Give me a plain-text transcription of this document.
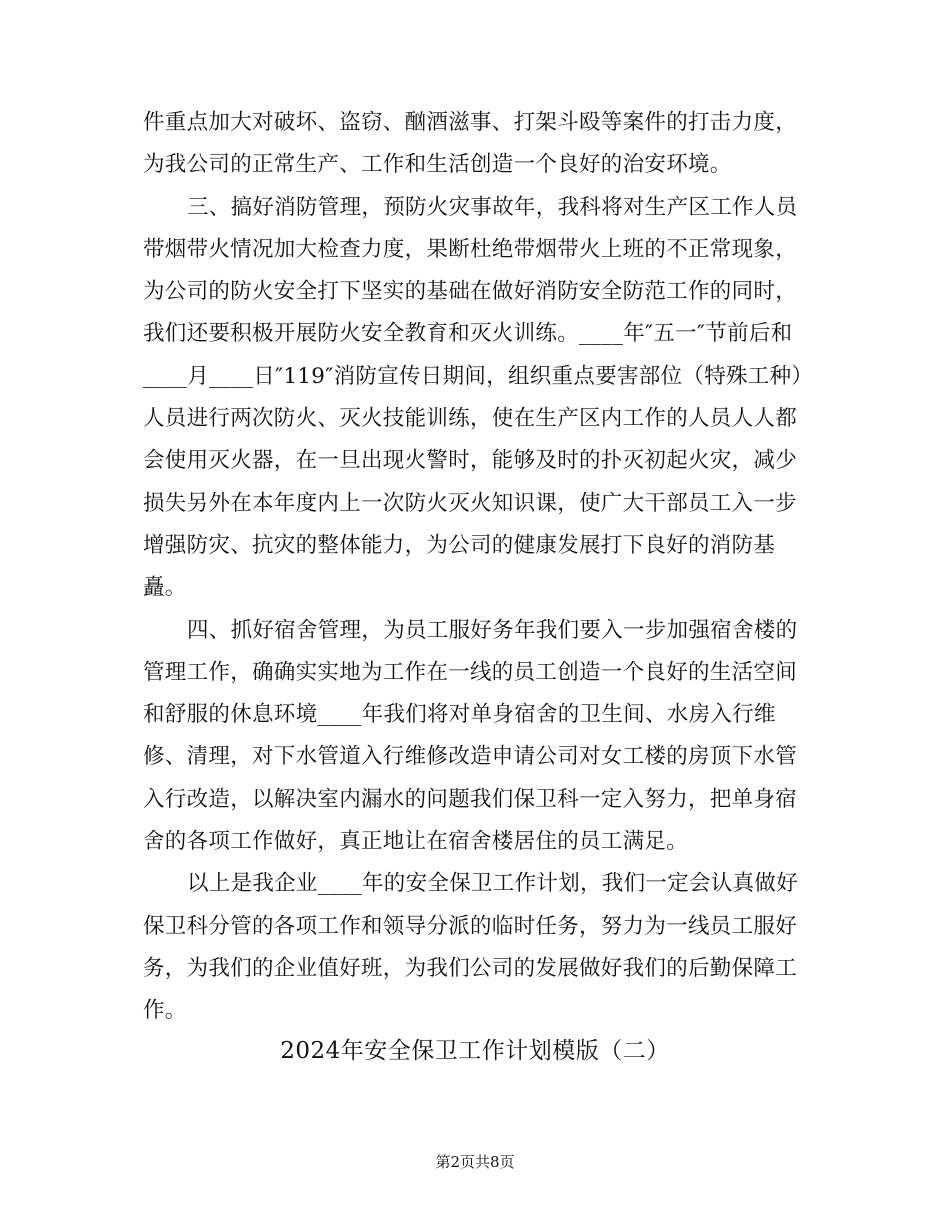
件重点加大对破坏、盗窃、酗酒滋事、打架斗殴等案件的打击力度，
为我公司的正常生产、工作和生活创造一个良好的治安环境。
三、搞好消防管理，预防火灾事故年，我科将对生产区工作人员
带烟带火情况加大检查力度，果断杜绝带烟带火上班的不正常现象，
为公司的防火安全打下坚实的基础在做好消防安全防范工作的同时，
我们还要积极开展防火安全教育和灭火训练。____年″五一″节前后和
____月____日″119″消防宣传日期间，组织重点要害部位（特殊工种）
人员进行两次防火、灭火技能训练，使在生产区内工作的人员人人都
会使用灭火器，在一旦出现火警时，能够及时的扑灭初起火灾，减少
损失另外在本年度内上一次防火灭火知识课，使广大干部员工入一步
增强防灾、抗灾的整体能力，为公司的健康发展打下良好的消防基
矗。
四、抓好宿舍管理，为员工服好务年我们要入一步加强宿舍楼的
管理工作，确确实实地为工作在一线的员工创造一个良好的生活空间
和舒服的休息环境____年我们将对单身宿舍的卫生间、水房入行维
修、清理，对下水管道入行维修改造申请公司对女工楼的房顶下水管
入行改造，以解决室内漏水的问题我们保卫科一定入努力，把单身宿
舍的各项工作做好，真正地让在宿舍楼居住的员工满足。
以上是我企业____年的安全保卫工作计划，我们一定会认真做好
保卫科分管的各项工作和领导分派的临时任务，努力为一线员工服好
务，为我们的企业值好班，为我们公司的发展做好我们的后勤保障工
作。
2024年安全保卫工作计划模版（二）
第2页共8页
